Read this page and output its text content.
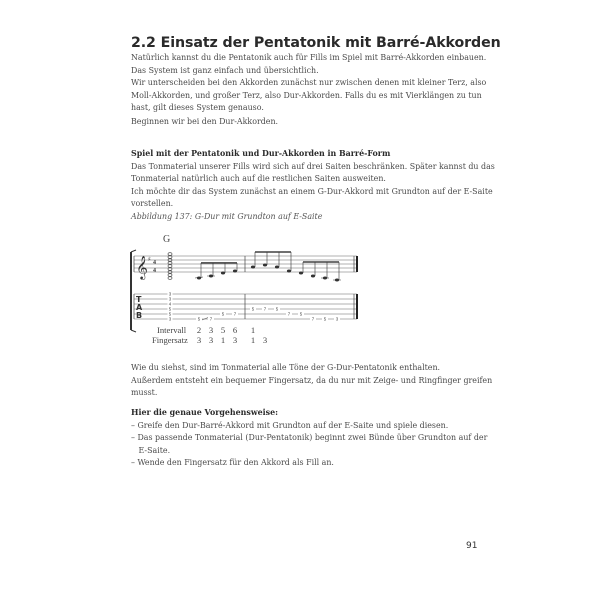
2.2 Einsatz der Pentatonik mit Barré-Akkorden

Natürlich kannst du die Pentatonik auch für Fills im Spiel mit Barré-Akkorden einbauen.

Das System ist ganz einfach und übersichtlich.

Wir unterscheiden bei den Akkorden zunächst nur zwischen denen mit kleiner Terz, also

Moll-Akkorden, und großer Terz, also Dur-Akkorden. Falls du es mit Vierklängen zu tun

hast, gilt dieses System genauso.

Beginnen wir bei den Dur-Akkorden.

Spiel mit der Pentatonik und Dur-Akkorden in Barré-Form

Das Tonmaterial unserer Fills wird sich auf drei Saiten beschränken. Später kannst du das

Tonmaterial natürlich auch auf die restlichen Saiten ausweiten.

Ich möchte dir das System zunächst an einem G-Dur-Akkord mit Grundton auf der E-Saite

vorstellen.

Abbildung 137: G-Dur mit Grundton auf E-Saite
G
𝄞 ♯ 4
4
T
A
B
3
3
4
5
5
3	5 7
5 7
5 7 5
7 5
7 5 3
Intervall 2 3 5 6 1
Fingersatz 3 3 1 3 1 3

Wie du siehst, sind im Tonmaterial alle Töne der G-Dur-Pentatonik enthalten.

Außerdem entsteht ein bequemer Fingersatz, da du nur mit Zeige- und Ringfinger greifen

musst.

Hier die genaue Vorgehensweise:

– Greife den Dur-Barré-Akkord mit Grundton auf der E-Saite und spiele diesen.

– Das passende Tonmaterial (Dur-Pentatonik) beginnt zwei Bünde über Grundton auf der

E-Saite.

– Wende den Fingersatz für den Akkord als Fill an.

91
